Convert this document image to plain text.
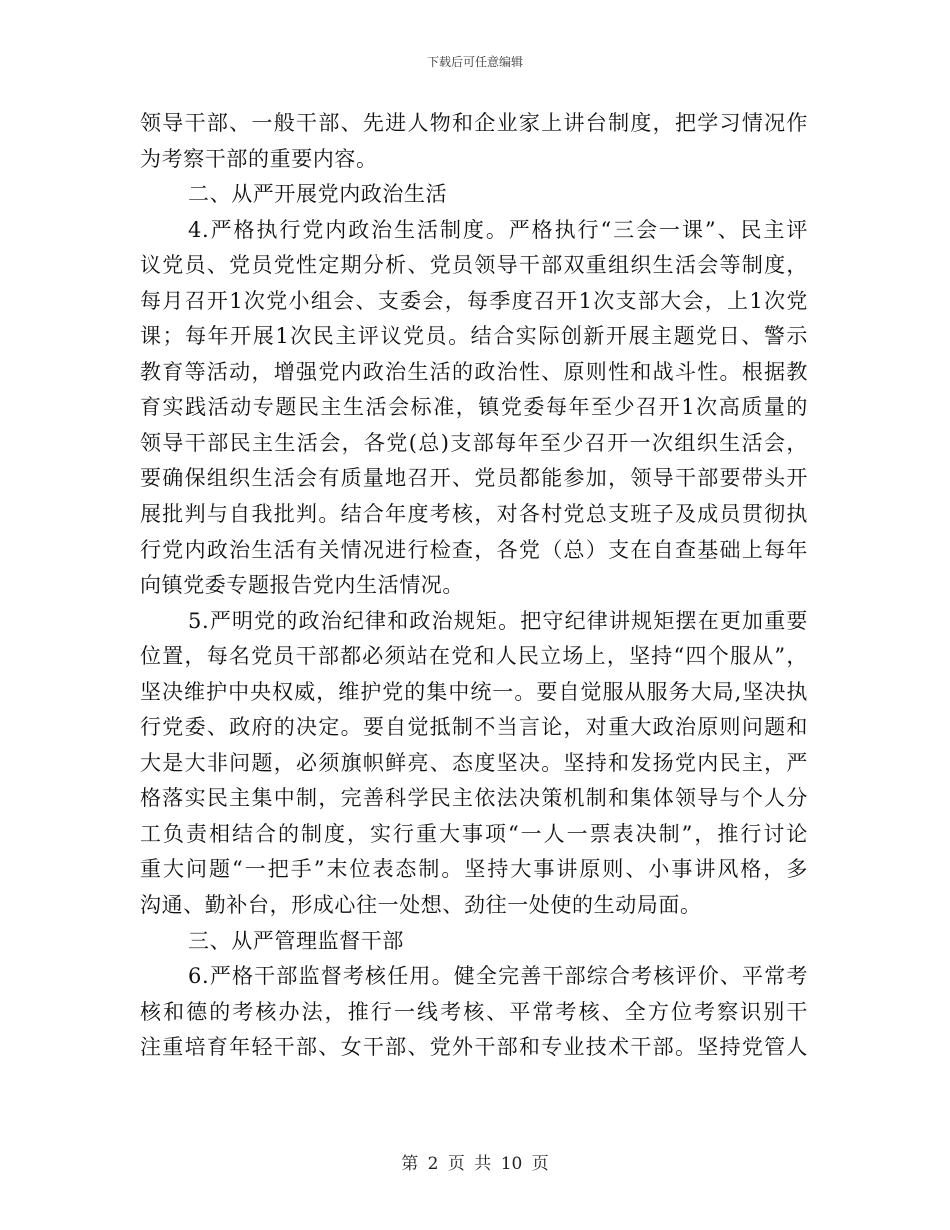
下载后可任意编辑
领导干部、一般干部、先进人物和企业家上讲台制度，把学习情况作
为考察干部的重要内容。
二、从严开展党内政治生活
4.严格执行党内政治生活制度。严格执行“三会一课”、民主评
议党员、党员党性定期分析、党员领导干部双重组织生活会等制度，
每月召开1次党小组会、支委会，每季度召开1次支部大会，上1次党
课；每年开展1次民主评议党员。结合实际创新开展主题党日、警示
教育等活动，增强党内政治生活的政治性、原则性和战斗性。根据教
育实践活动专题民主生活会标准，镇党委每年至少召开1次高质量的
领导干部民主生活会，各党(总)支部每年至少召开一次组织生活会，
要确保组织生活会有质量地召开、党员都能参加，领导干部要带头开
展批判与自我批判。结合年度考核，对各村党总支班子及成员贯彻执
行党内政治生活有关情况进行检查，各党（总）支在自查基础上每年
向镇党委专题报告党内生活情况。
5.严明党的政治纪律和政治规矩。把守纪律讲规矩摆在更加重要
位置，每名党员干部都必须站在党和人民立场上，坚持“四个服从”，
坚决维护中央权威，维护党的集中统一。要自觉服从服务大局,坚决执
行党委、政府的决定。要自觉抵制不当言论，对重大政治原则问题和
大是大非问题，必须旗帜鲜亮、态度坚决。坚持和发扬党内民主，严
格落实民主集中制，完善科学民主依法决策机制和集体领导与个人分
工负责相结合的制度，实行重大事项“一人一票表决制”，推行讨论
重大问题“一把手”末位表态制。坚持大事讲原则、小事讲风格，多
沟通、勤补台，形成心往一处想、劲往一处使的生动局面。
三、从严管理监督干部
6.严格干部监督考核任用。健全完善干部综合考核评价、平常考
核和德的考核办法，推行一线考核、平常考核、全方位考察识别干
注重培育年轻干部、女干部、党外干部和专业技术干部。坚持党管人
第 2 页 共 10 页
